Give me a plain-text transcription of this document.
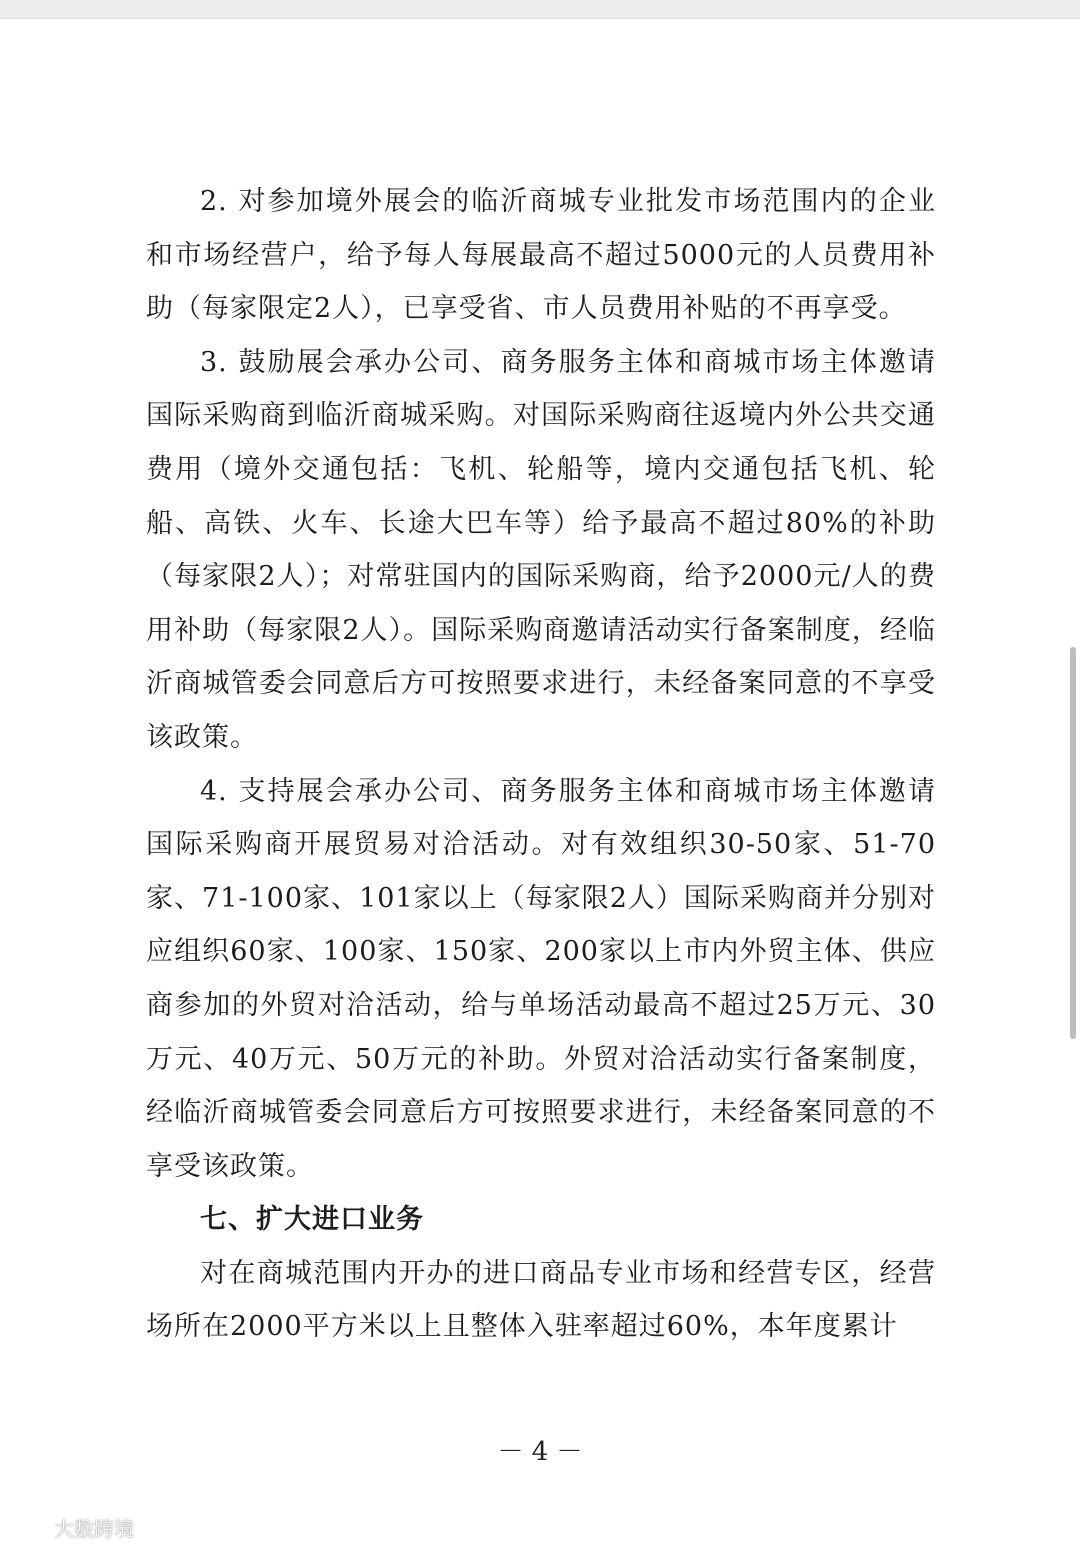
2. 对参加境外展会的临沂商城专业批发市场范围内的企业和市场经营户，给予每人每展最高不超过5000元的人员费用补助（每家限定2人），已享受省、市人员费用补贴的不再享受。

3. 鼓励展会承办公司、商务服务主体和商城市场主体邀请国际采购商到临沂商城采购。对国际采购商往返境内外公共交通费用（境外交通包括：飞机、轮船等，境内交通包括飞机、轮船、高铁、火车、长途大巴车等）给予最高不超过80%的补助（每家限2人）；对常驻国内的国际采购商，给予2000元/人的费用补助（每家限2人）。国际采购商邀请活动实行备案制度，经临沂商城管委会同意后方可按照要求进行，未经备案同意的不享受该政策。

4. 支持展会承办公司、商务服务主体和商城市场主体邀请国际采购商开展贸易对洽活动。对有效组织30-50家、51-70家、71-100家、101家以上（每家限2人）国际采购商并分别对应组织60家、100家、150家、200家以上市内外贸主体、供应商参加的外贸对洽活动，给与单场活动最高不超过25万元、30万元、40万元、50万元的补助。外贸对洽活动实行备案制度，经临沂商城管委会同意后方可按照要求进行，未经备案同意的不享受该政策。

七、扩大进口业务

对在商城范围内开办的进口商品专业市场和经营专区，经营场所在2000平方米以上且整体入驻率超过60%，本年度累计

－ 4 －
大数跨境
